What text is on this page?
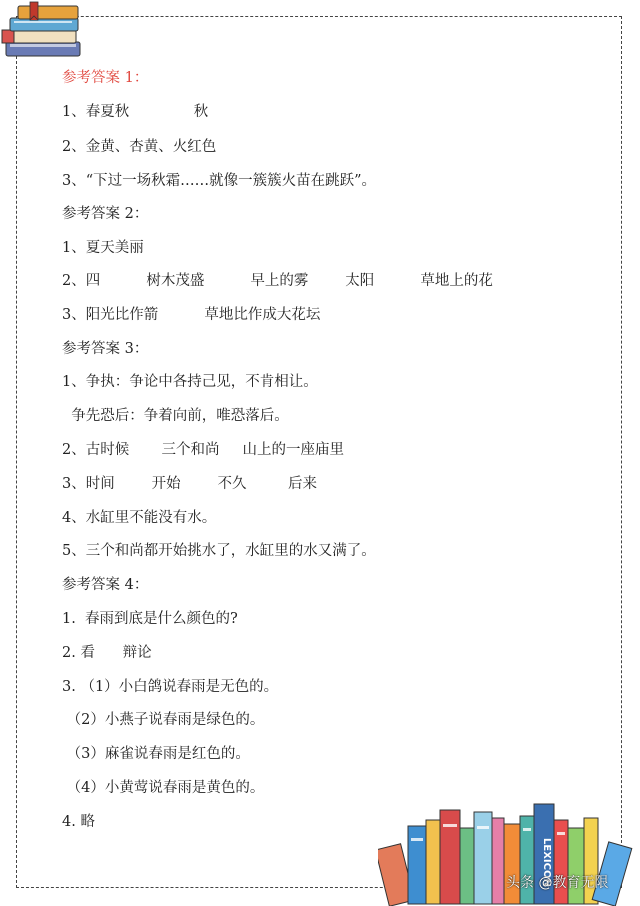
参考答案 1：
1、春夏秋              秋
2、金黄、杏黄、火红色
3、“下过一场秋霜……就像一簇簇火苗在跳跃”。
参考答案 2：
1、夏天美丽
2、四          树木茂盛          早上的雾        太阳          草地上的花
3、阳光比作箭          草地比作成大花坛
参考答案 3：
1、争执：争论中各持己见，不肯相让。
争先恐后：争着向前，唯恐落后。
2、古时候       三个和尚     山上的一座庙里
3、时间        开始        不久         后来
4、水缸里不能没有水。
5、三个和尚都开始挑水了，水缸里的水又满了。
参考答案 4：
1.  春雨到底是什么颜色的?
2. 看      辩论
3. （1）小白鸽说春雨是无色的。
（2）小燕子说春雨是绿色的。
（3）麻雀说春雨是红色的。
（4）小黄莺说春雨是黄色的。
4. 略
LEXICON
头条 @教育无限
